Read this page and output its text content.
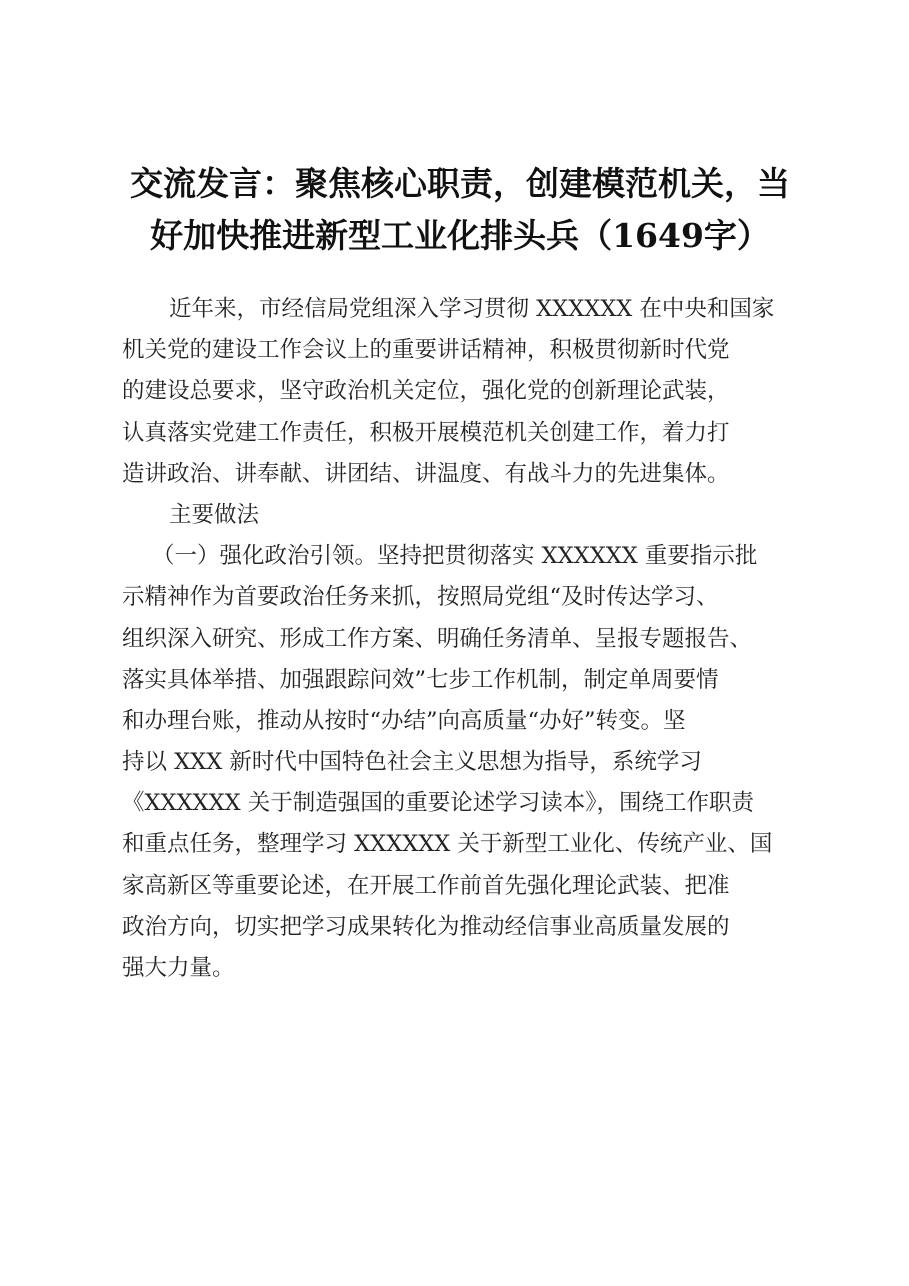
交流发言：聚焦核心职责，创建模范机关，当
好加快推进新型工业化排头兵（1649字）
近年来，市经信局党组深入学习贯彻 XXXXXX 在中央和国家
机关党的建设工作会议上的重要讲话精神，积极贯彻新时代党
的建设总要求，坚守政治机关定位，强化党的创新理论武装，
认真落实党建工作责任，积极开展模范机关创建工作，着力打
造讲政治、讲奉献、讲团结、讲温度、有战斗力的先进集体。
主要做法
（一）强化政治引领。坚持把贯彻落实 XXXXXX 重要指示批
示精神作为首要政治任务来抓，按照局党组“及时传达学习、
组织深入研究、形成工作方案、明确任务清单、呈报专题报告、
落实具体举措、加强跟踪问效”七步工作机制，制定单周要情
和办理台账，推动从按时“办结”向高质量“办好”转变。坚
持以 XXX 新时代中国特色社会主义思想为指导，系统学习
《XXXXXX 关于制造强国的重要论述学习读本》，围绕工作职责
和重点任务，整理学习 XXXXXX 关于新型工业化、传统产业、国
家高新区等重要论述，在开展工作前首先强化理论武装、把准
政治方向，切实把学习成果转化为推动经信事业高质量发展的
强大力量。
